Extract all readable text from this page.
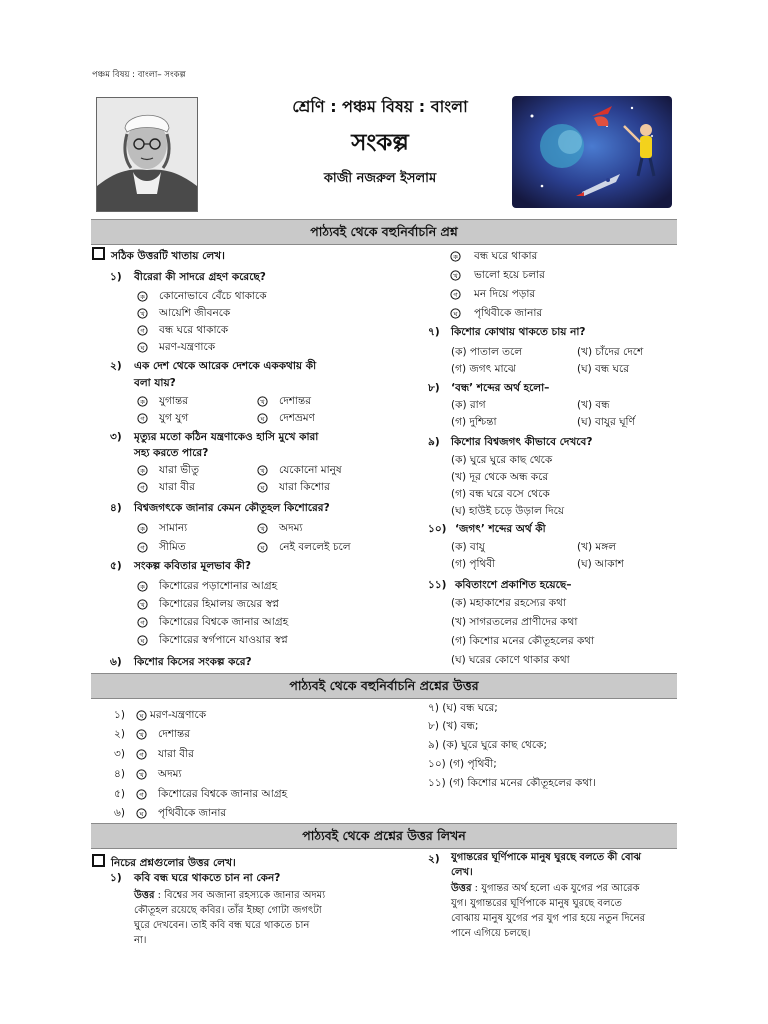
পঞ্চম বিষয় : বাংলা– সংকল্প
শ্রেণি : পঞ্চম বিষয় : বাংলা
সংকল্প
কাজী নজরুল ইসলাম
পাঠ্যবই থেকে বহুনির্বাচনি প্রশ্ন
সঠিক উত্তরটি খাতায় লেখ।
১) বীরেরা কী সাদরে গ্রহণ করেছে?
ক কোনোভাবে বেঁচে থাকাকে
খ আয়েশি জীবনকে
গ বন্ধ ঘরে থাকাকে
ঘ মরণ-যন্ত্রণাকে
২) এক দেশ থেকে আরেক দেশকে এককথায় কী
বলা যায়?
ক যুগান্তর	খ দেশান্তর
গ যুগ যুগ	ঘ দেশভ্রমণ
৩) মৃত্যুর মতো কঠিন যন্ত্রণাকেও হাসি মুখে কারা
সহ্য করতে পারে?
ক যারা ভীতু	খ যেকোনো মানুষ
গ যারা বীর	ঘ যারা কিশোর
৪) বিশ্বজগৎকে জানার কেমন কৌতূহল কিশোরের?
ক সামান্য	খ অদম্য
গ সীমিত	ঘ নেই বললেই চলে
৫) সংকল্প কবিতার মূলভাব কী?
ক কিশোরের পড়াশোনার আগ্রহ
খ কিশোরের হিমালয় জয়ের স্বপ্ন
গ কিশোরের বিশ্বকে জানার আগ্রহ
ঘ কিশোরের স্বর্গপানে যাওয়ার স্বপ্ন
৬) কিশোর কিসের সংকল্প করে?
ক বন্ধ ঘরে থাকার
খ ভালো হয়ে চলার
গ মন দিয়ে পড়ার
ঘ পৃথিবীকে জানার
৭) কিশোর কোথায় থাকতে চায় না?
(ক) পাতাল তলে	(খ) চাঁদের দেশে
(গ) জগৎ মাঝে	(ঘ) বন্ধ ঘরে
৮) ‘বন্ধ’ শব্দের অর্থ হলো–
(ক) রাগ	(খ) বন্ধ
(গ) দুশ্চিন্তা	(ঘ) বাযুর ঘূর্ণি
৯) কিশোর বিশ্বজগৎ কীভাবে দেখবে?
(ক) ঘুরে ঘুরে কাছ থেকে
(খ) দূর থেকে অন্ধ করে
(গ) বন্ধ ঘরে বসে থেকে
(ঘ) হাউই চড়ে উড়াল দিয়ে
১০) ‘জগৎ’ শব্দের অর্থ কী
(ক) বাযু	(খ) মঙ্গল
(গ) পৃথিবী	(ঘ) আকাশ
১১) কবিতাংশে প্রকাশিত হয়েছে–
(ক) মহাকাশের রহস্যের কথা
(খ) সাগরতলের প্রাণীদের কথা
(গ) কিশোর মনের কৌতূহলের কথা
(ঘ) ঘরের কোণে থাকার কথা
পাঠ্যবই থেকে বহুনির্বাচনি প্রশ্নের উত্তর
১) ঘ মরণ-যন্ত্রণাকে
২) খ দেশান্তর
৩) গ যারা বীর
৪) খ অদম্য
৫) গ কিশোরের বিশ্বকে জানার আগ্রহ
৬) ঘ পৃথিবীকে জানার
৭) (ঘ) বন্ধ ঘরে;
৮) (খ) বন্ধ;
৯) (ক) ঘুরে ঘুরে কাছ থেকে;
১০) (গ) পৃথিবী;
১১) (গ) কিশোর মনের কৌতূহলের কথা।
পাঠ্যবই থেকে প্রশ্নের উত্তর লিখন
নিচের প্রশ্নগুলোর উত্তর লেখ।
১) কবি বন্ধ ঘরে থাকতে চান না কেন?
উত্তর : বিশ্বের সব অজানা রহস্যকে জানার অদম্য
কৌতূহল রয়েছে কবির। তাঁর ইচ্ছা গোটা জগৎটা
ঘুরে দেখবেন। তাই কবি বন্ধ ঘরে থাকতে চান
না।
২) যুগান্তরের ঘূর্ণিপাকে মানুষ ঘুরছে বলতে কী বোঝ
লেখ।
উত্তর : যুগান্তর অর্থ হলো এক যুগের পর আরেক
যুগ। যুগান্তরের ঘূর্ণিপাকে মানুষ ঘুরছে বলতে
বোঝায় মানুষ যুগের পর যুগ পার হয়ে নতুন দিনের
পানে এগিয়ে চলছে।
